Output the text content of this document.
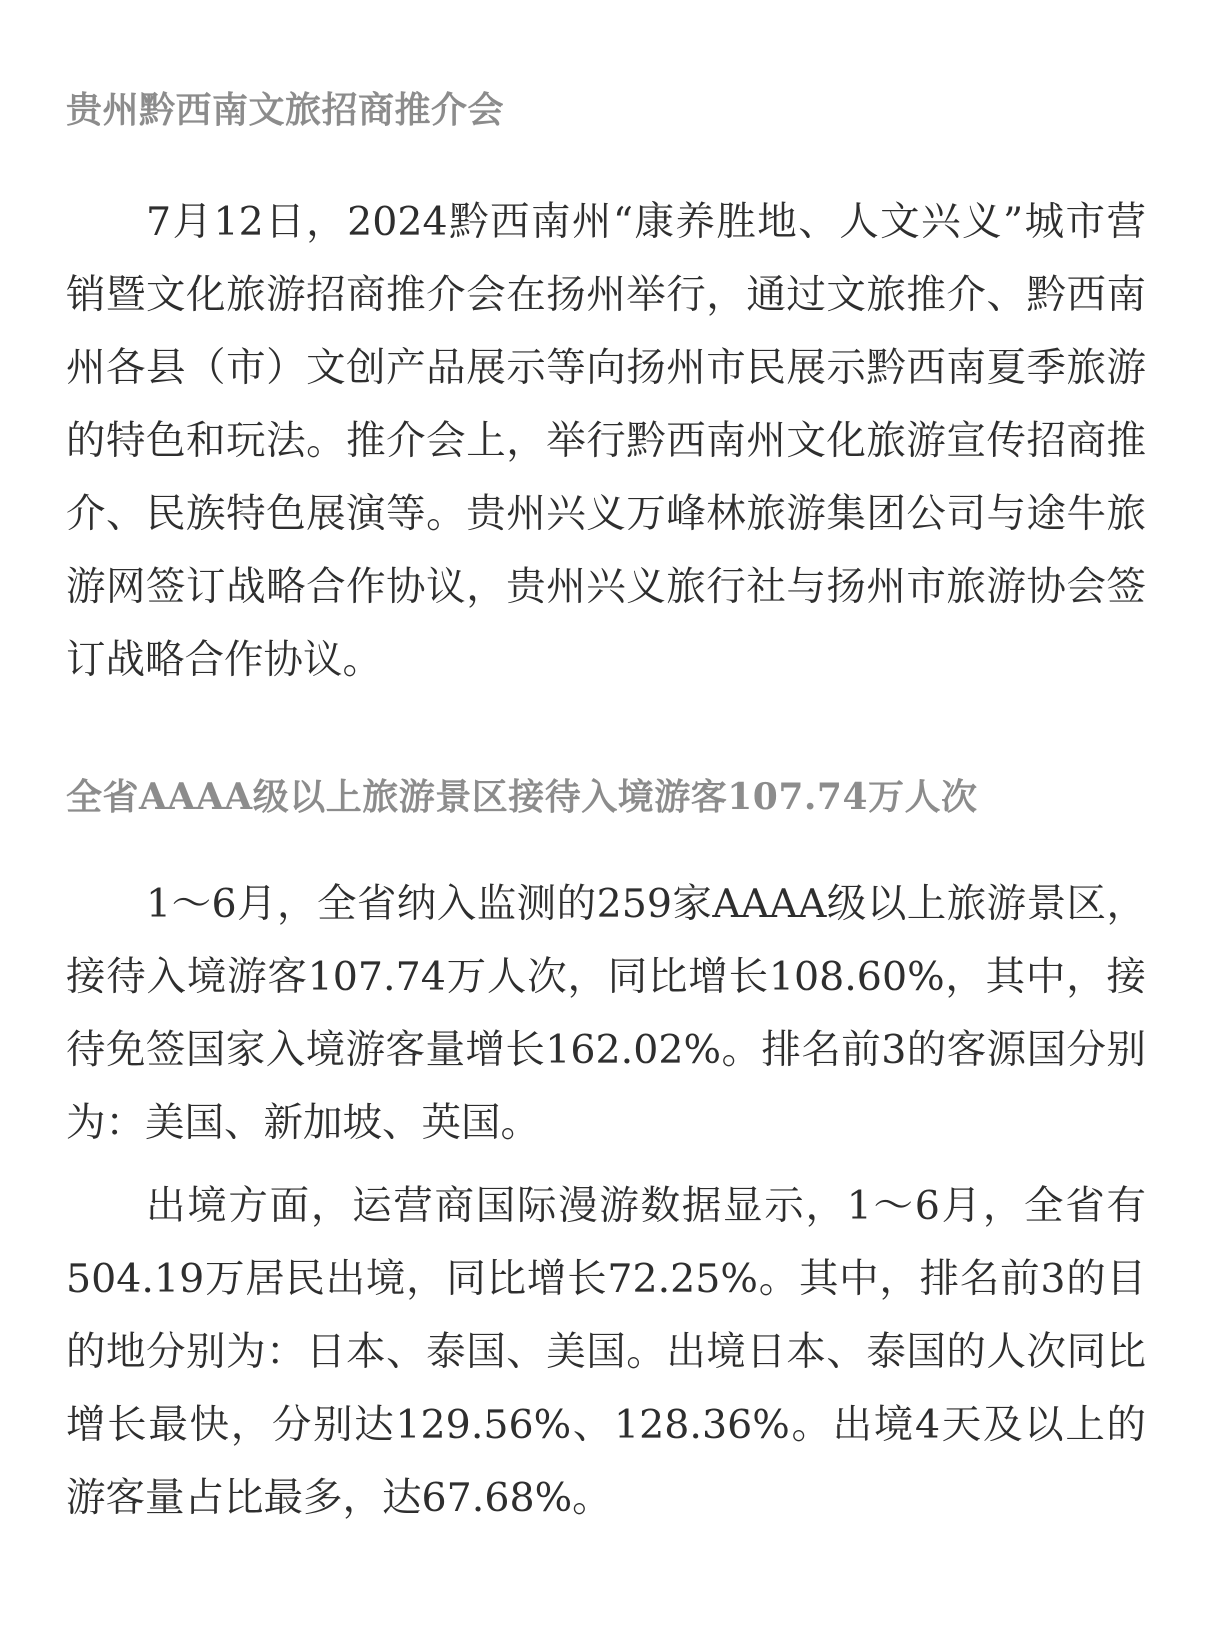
贵州黔西南文旅招商推介会

7月12日，2024黔西南州“康养胜地、人文兴义”城市营销暨文化旅游招商推介会在扬州举行，通过文旅推介、黔西南州各县（市）文创产品展示等向扬州市民展示黔西南夏季旅游的特色和玩法。推介会上，举行黔西南州文化旅游宣传招商推介、民族特色展演等。贵州兴义万峰林旅游集团公司与途牛旅游网签订战略合作协议，贵州兴义旅行社与扬州市旅游协会签订战略合作协议。

全省AAAA级以上旅游景区接待入境游客107.74万人次

1～6月，全省纳入监测的259家AAAA级以上旅游景区，接待入境游客107.74万人次，同比增长108.60%，其中，接待免签国家入境游客量增长162.02%。排名前3的客源国分别为：美国、新加坡、英国。

出境方面，运营商国际漫游数据显示，1～6月，全省有504.19万居民出境，同比增长72.25%。其中，排名前3的目的地分别为：日本、泰国、美国。出境日本、泰国的人次同比增长最快，分别达129.56%、128.36%。出境4天及以上的游客量占比最多，达67.68%。
